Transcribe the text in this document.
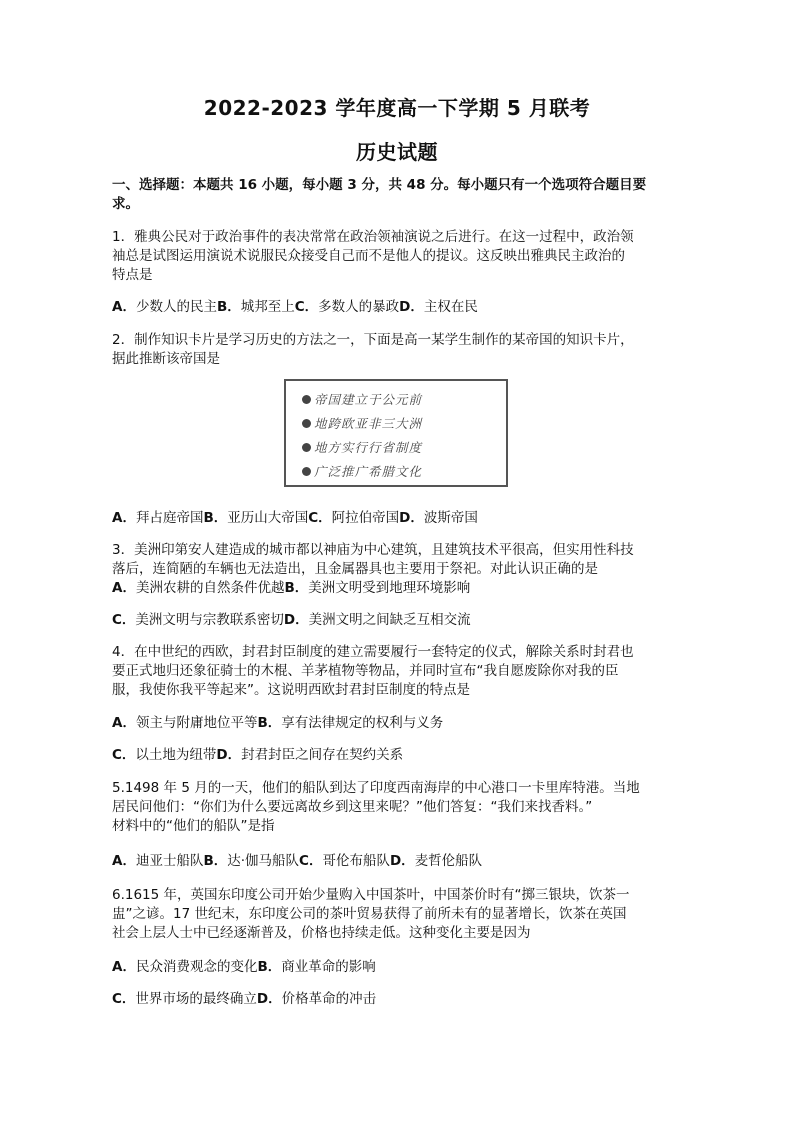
2022-2023 学年度高一下学期 5 月联考
历史试题
一、选择题：本题共 16 小题，每小题 3 分，共 48 分。每小题只有一个选项符合题目要
求。
1．雅典公民对于政治事件的表决常常在政治领袖演说之后进行。在这一过程中，政治领
袖总是试图运用演说术说服民众接受自己而不是他人的提议。这反映出雅典民主政治的
特点是
A．少数人的民主B．城邦至上C．多数人的暴政D．主权在民
2．制作知识卡片是学习历史的方法之一，下面是高一某学生制作的某帝国的知识卡片，
据此推断该帝国是
帝国建立于公元前
地跨欧亚非三大洲
地方实行行省制度
广泛推广希腊文化
A．拜占庭帝国B．亚历山大帝国C．阿拉伯帝国D．波斯帝国
3．美洲印第安人建造成的城市都以神庙为中心建筑，且建筑技术平很高，但实用性科技
落后，连简陋的车辆也无法造出，且金属器具也主要用于祭祀。对此认识正确的是
A．美洲农耕的自然条件优越B．美洲文明受到地理环境影响
C．美洲文明与宗教联系密切D．美洲文明之间缺乏互相交流
4．在中世纪的西欧，封君封臣制度的建立需要履行一套特定的仪式，解除关系时封君也
要正式地归还象征骑士的木棍、羊茅植物等物品，并同时宣布“我自愿废除你对我的臣
服，我使你我平等起来”。这说明西欧封君封臣制度的特点是
A．领主与附庸地位平等B．享有法律规定的权利与义务
C．以土地为纽带D．封君封臣之间存在契约关系
5.1498 年 5 月的一天，他们的船队到达了印度西南海岸的中心港口一卡里库特港。当地
居民问他们：“你们为什么要远离故乡到这里来呢？”他们答复：“我们来找香料。”
材料中的“他们的船队”是指
A．迪亚士船队B．达·伽马船队C．哥伦布船队D．麦哲伦船队
6.1615 年，英国东印度公司开始少量购入中国茶叶，中国茶价时有“掷三银块，饮茶一
盅”之谚。17 世纪末，东印度公司的茶叶贸易获得了前所未有的显著增长，饮茶在英国
社会上层人士中已经逐渐普及，价格也持续走低。这种变化主要是因为
A．民众消费观念的变化B．商业革命的影响
C．世界市场的最终确立D．价格革命的冲击
